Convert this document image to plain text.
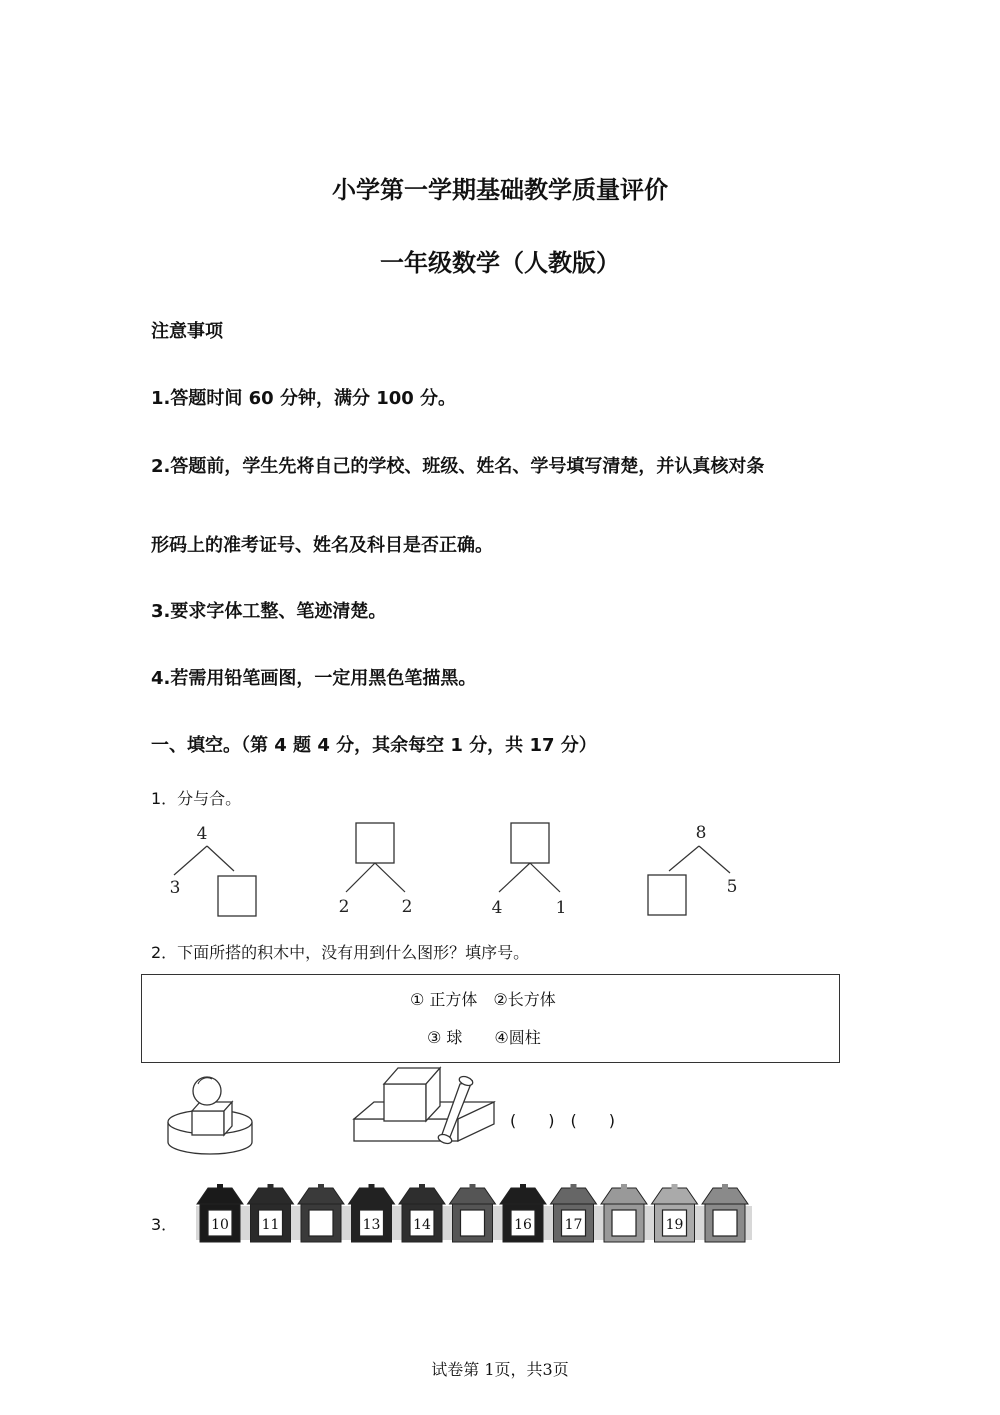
小学第一学期基础教学质量评价
一年级数学（人教版）
注意事项
1.答题时间 60 分钟，满分 100 分。
2.答题前，学生先将自己的学校、班级、姓名、学号填写清楚，并认真核对条
形码上的准考证号、姓名及科目是否正确。
3.要求字体工整、笔迹清楚。
4.若需用铅笔画图，一定用黑色笔描黑。
一、填空。（第 4 题 4 分，其余每空 1 分，共 17 分）
1．分与合。
4
3
2	2	4	1
8
5
2．下面所搭的积木中，没有用到什么图形？填序号。
① 正方体　②长方体
③ 球　　④圆柱
(　　)　(　　)
3． 10 11	13 14	16 17	19
试卷第 1页，共3页
